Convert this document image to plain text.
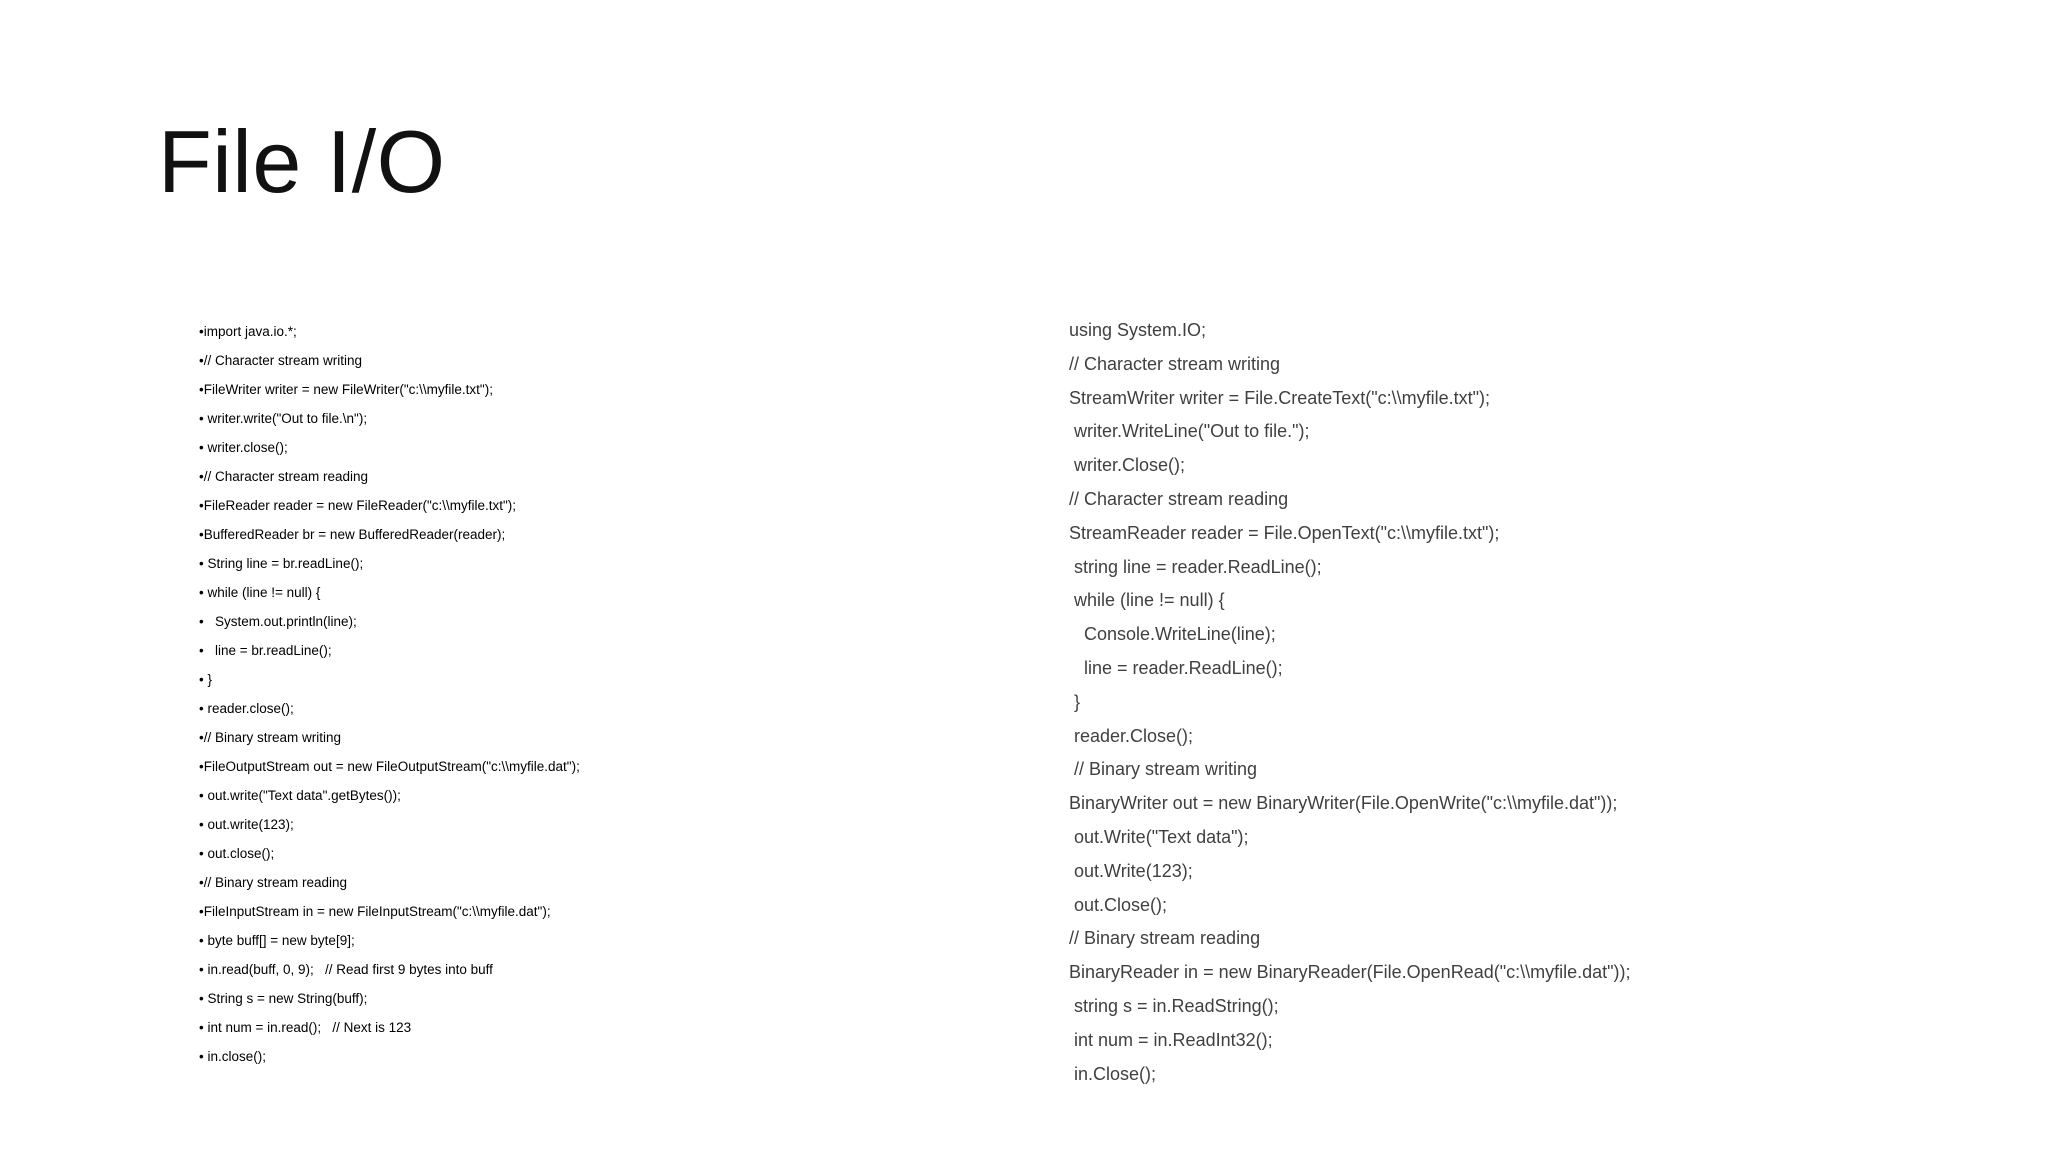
File I/O
•import java.io.*;
•// Character stream writing
•FileWriter writer = new FileWriter("c:\\myfile.txt");
• writer.write("Out to file.\n");
• writer.close();
•// Character stream reading
•FileReader reader = new FileReader("c:\\myfile.txt");
•BufferedReader br = new BufferedReader(reader);
• String line = br.readLine();
• while (line != null) {
•   System.out.println(line);
•   line = br.readLine();
• }
• reader.close();
•// Binary stream writing
•FileOutputStream out = new FileOutputStream("c:\\myfile.dat");
• out.write("Text data".getBytes());
• out.write(123);
• out.close();
•// Binary stream reading
•FileInputStream in = new FileInputStream("c:\\myfile.dat");
• byte buff[] = new byte[9];
• in.read(buff, 0, 9);   // Read first 9 bytes into buff
• String s = new String(buff);
• int num = in.read();   // Next is 123
• in.close();
using System.IO;
// Character stream writing
StreamWriter writer = File.CreateText("c:\\myfile.txt");
writer.WriteLine("Out to file.");
writer.Close();
// Character stream reading
StreamReader reader = File.OpenText("c:\\myfile.txt");
string line = reader.ReadLine();
while (line != null) {
Console.WriteLine(line);
line = reader.ReadLine();
}
reader.Close();
// Binary stream writing
BinaryWriter out = new BinaryWriter(File.OpenWrite("c:\\myfile.dat"));
out.Write("Text data");
out.Write(123);
out.Close();
// Binary stream reading
BinaryReader in = new BinaryReader(File.OpenRead("c:\\myfile.dat"));
string s = in.ReadString();
int num = in.ReadInt32();
in.Close();
